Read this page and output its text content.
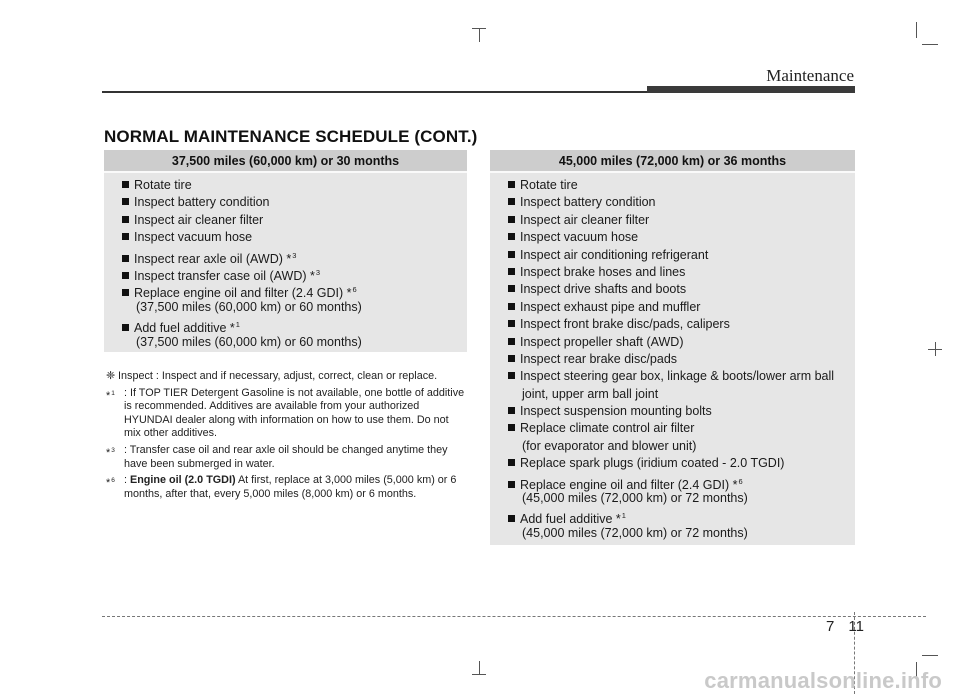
Maintenance
NORMAL MAINTENANCE SCHEDULE (CONT.)
37,500 miles (60,000 km) or 30 months
Rotate tire
Inspect battery condition
Inspect air cleaner filter
Inspect vacuum hose
Inspect rear axle oil (AWD) *$^3$
Inspect transfer case oil (AWD) *$^3$
Replace engine oil and filter (2.4 GDI) *$^6$
(37,500 miles (60,000 km) or 60 months)
Add fuel additive *$^1$
(37,500 miles (60,000 km) or 60 months)
45,000 miles (72,000 km) or 36 months
Rotate tire
Inspect battery condition
Inspect air cleaner filter
Inspect vacuum hose
Inspect air conditioning refrigerant
Inspect brake hoses and lines
Inspect drive shafts and boots
Inspect exhaust pipe and muffler
Inspect front brake disc/pads, calipers
Inspect propeller shaft (AWD)
Inspect rear brake disc/pads
Inspect steering gear box, linkage & boots/lower arm ball
joint, upper arm ball joint
Inspect suspension mounting bolts
Replace climate control air filter
(for evaporator and blower unit)
Replace spark plugs (iridium coated - 2.0 TGDI)
Replace engine oil and filter (2.4 GDI) *$^6$
(45,000 miles (72,000 km) or 72 months)
Add fuel additive *$^1$
(45,000 miles (72,000 km) or 72 months)
❈ Inspect : Inspect and if necessary, adjust, correct, clean or replace.
*$^1$ : If TOP TIER Detergent Gasoline is not available, one bottle of additive is recommended. Additives are available from your authorized HYUNDAI dealer along with information on how to use them. Do not mix other additives.
*$^3$ : Transfer case oil and rear axle oil should be changed anytime they have been submerged in water.
*$^6$ : Engine oil (2.0 TGDI) At first, replace at 3,000 miles (5,000 km) or 6 months, after that, every 5,000 miles (8,000 km) or 6 months.
7 11
carmanualsonline.info
